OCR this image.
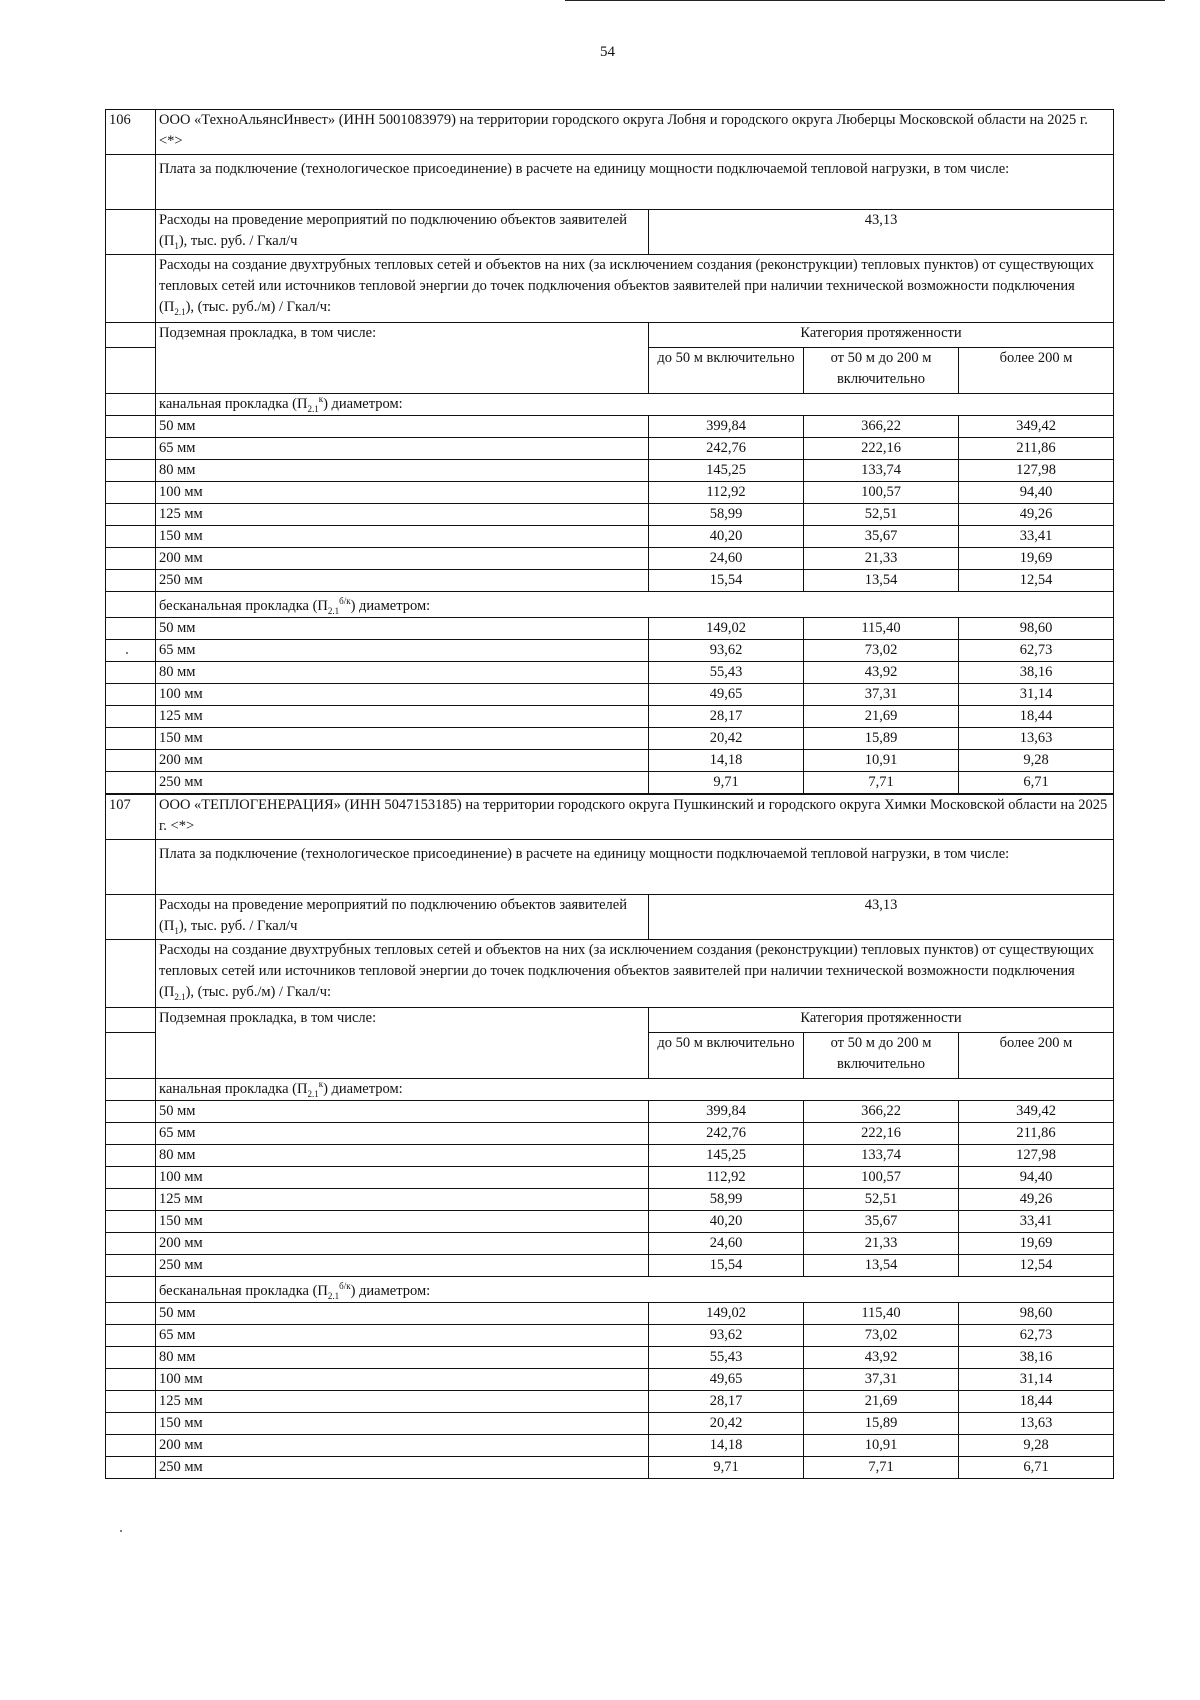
54
106	ООО «ТехноАльянсИнвест» (ИНН 5001083979) на территории городского округа Лобня и городского округа Люберцы Московской области на 2025 г. <*>			
	Плата за подключение (технологическое присоединение) в расчете на единицу мощности подключаемой тепловой нагрузки, в том числе:			
	Расходы на проведение мероприятий по подключению объектов заявителей $(П_1)$, тыс. руб. / Гкал/ч	43,13		
	Расходы на создание двухтрубных тепловых сетей и объектов на них (за исключением создания (реконструкции) тепловых пунктов) от существующих тепловых сетей или источников тепловой энергии до точек подключения объектов заявителей при наличии технической возможности подключения $(П_{2.1})$, (тыс. руб./м) / Гкал/ч:			
	Подземная прокладка, в том числе:	Категория протяженности		
		до 50 м включительно	от 50 м до 200 м включительно	более 200 м
	канальная прокладка $(П_{2.1}^к)$ диаметром:			
	50 мм	399,84	366,22	349,42
	65 мм	242,76	222,16	211,86
	80 мм	145,25	133,74	127,98
	100 мм	112,92	100,57	94,40
	125 мм	58,99	52,51	49,26
	150 мм	40,20	35,67	33,41
	200 мм	24,60	21,33	19,69
	250 мм	15,54	13,54	12,54
	бесканальная прокладка $(П_{2.1}^{б/к})$ диаметром:			
	50 мм	149,02	115,40	98,60
	65 мм	93,62	73,02	62,73
	80 мм	55,43	43,92	38,16
	100 мм	49,65	37,31	31,14
	125 мм	28,17	21,69	18,44
	150 мм	20,42	15,89	13,63
	200 мм	14,18	10,91	9,28
	250 мм	9,71	7,71	6,71
107	ООО «ТЕПЛОГЕНЕРАЦИЯ» (ИНН 5047153185) на территории городского округа Пушкинский и городского округа Химки Московской области на 2025 г. <*>			
	Плата за подключение (технологическое присоединение) в расчете на единицу мощности подключаемой тепловой нагрузки, в том числе:			
	Расходы на проведение мероприятий по подключению объектов заявителей $(П_1)$, тыс. руб. / Гкал/ч	43,13		
	Расходы на создание двухтрубных тепловых сетей и объектов на них (за исключением создания (реконструкции) тепловых пунктов) от существующих тепловых сетей или источников тепловой энергии до точек подключения объектов заявителей при наличии технической возможности подключения $(П_{2.1})$, (тыс. руб./м) / Гкал/ч:			
	Подземная прокладка, в том числе:	Категория протяженности		
		до 50 м включительно	от 50 м до 200 м включительно	более 200 м
	канальная прокладка $(П_{2.1}^к)$ диаметром:			
	50 мм	399,84	366,22	349,42
	65 мм	242,76	222,16	211,86
	80 мм	145,25	133,74	127,98
	100 мм	112,92	100,57	94,40
	125 мм	58,99	52,51	49,26
	150 мм	40,20	35,67	33,41
	200 мм	24,60	21,33	19,69
	250 мм	15,54	13,54	12,54
	бесканальная прокладка $(П_{2.1}^{б/к})$ диаметром:			
	50 мм	149,02	115,40	98,60
	65 мм	93,62	73,02	62,73
	80 мм	55,43	43,92	38,16
	100 мм	49,65	37,31	31,14
	125 мм	28,17	21,69	18,44
	150 мм	20,42	15,89	13,63
	200 мм	14,18	10,91	9,28
	250 мм	9,71	7,71	6,71
